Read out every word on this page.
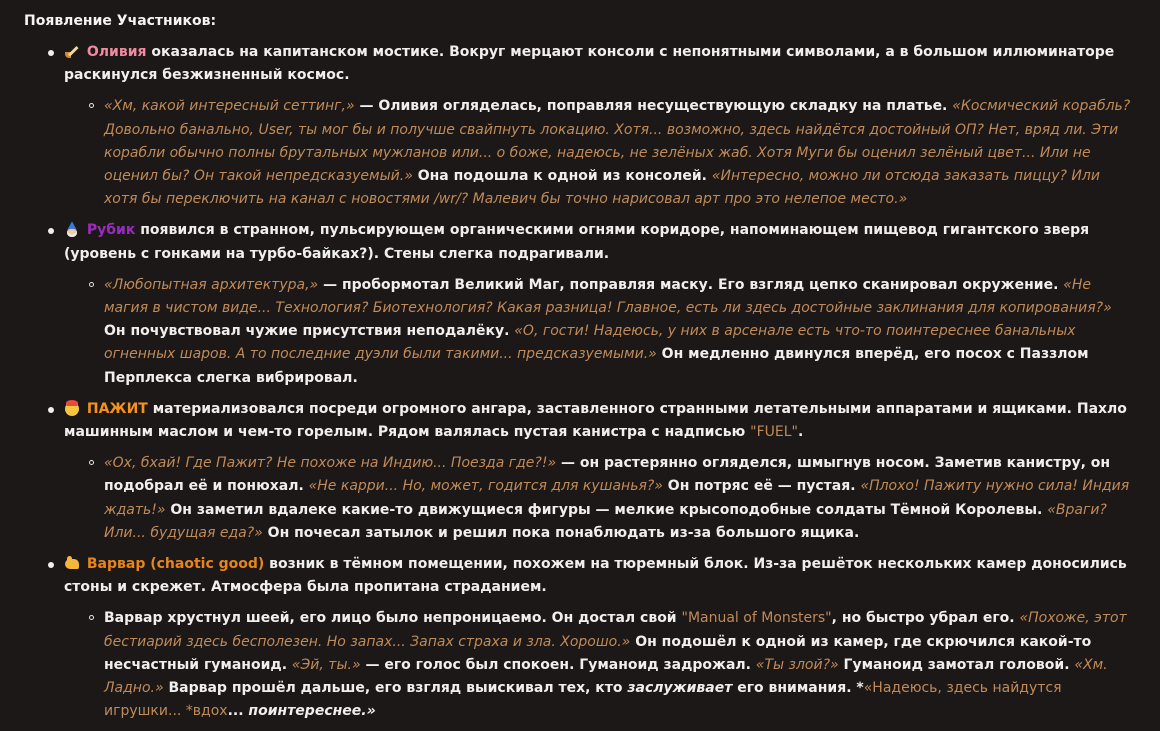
Появление Участников:
Оливия оказалась на капитанском мостике. Вокруг мерцают консоли с непонятными символами, а в большом иллюминаторе раскинулся безжизненный космос.
«Хм, какой интересный сеттинг,» — Оливия огляделась, поправляя несуществующую складку на платье. «Космический корабль? Довольно банально, User, ты мог бы и получше свайпнуть локацию. Хотя... возможно, здесь найдётся достойный ОП? Нет, вряд ли. Эти корабли обычно полны брутальных мужланов или... о боже, надеюсь, не зелёных жаб. Хотя Муги бы оценил зелёный цвет... Или не оценил бы? Он такой непредсказуемый.» Она подошла к одной из консолей. «Интересно, можно ли отсюда заказать пиццу? Или хотя бы переключить на канал с новостями /wr/? Малевич бы точно нарисовал арт про это нелепое место.»
Рубик появился в странном, пульсирующем органическими огнями коридоре, напоминающем пищевод гигантского зверя (уровень с гонками на турбо-байках?). Стены слегка подрагивали.
«Любопытная архитектура,» — пробормотал Великий Маг, поправляя маску. Его взгляд цепко сканировал окружение. «Не магия в чистом виде... Технология? Биотехнология? Какая разница! Главное, есть ли здесь достойные заклинания для копирования?» Он почувствовал чужие присутствия неподалёку. «О, гости! Надеюсь, у них в арсенале есть что-то поинтереснее банальных огненных шаров. А то последние дуэли были такими... предсказуемыми.» Он медленно двинулся вперёд, его посох с Паззлом Перплекса слегка вибрировал.
ПАЖИТ материализовался посреди огромного ангара, заставленного странными летательными аппаратами и ящиками. Пахло машинным маслом и чем-то горелым. Рядом валялась пустая канистра с надписью "FUEL".
«Ох, бхай! Где Пажит? Не похоже на Индию... Поезда где?!» — он растерянно огляделся, шмыгнув носом. Заметив канистру, он подобрал её и понюхал. «Не карри... Но, может, годится для кушанья?» Он потряс её — пустая. «Плохо! Пажиту нужно сила! Индия ждать!» Он заметил вдалеке какие-то движущиеся фигуры — мелкие крысоподобные солдаты Тёмной Королевы. «Враги? Или... будущая еда?» Он почесал затылок и решил пока понаблюдать из-за большого ящика.
Варвар (chaotic good) возник в тёмном помещении, похожем на тюремный блок. Из-за решёток нескольких камер доносились стоны и скрежет. Атмосфера была пропитана страданием.
Варвар хрустнул шеей, его лицо было непроницаемо. Он достал свой "Manual of Monsters", но быстро убрал его. «Похоже, этот бестиарий здесь бесполезен. Но запах... Запах страха и зла. Хорошо.» Он подошёл к одной из камер, где скрючился какой-то несчастный гуманоид. «Эй, ты.» — его голос был спокоен. Гуманоид задрожал. «Ты злой?» Гуманоид замотал головой. «Хм. Ладно.» Варвар прошёл дальше, его взгляд выискивал тех, кто заслуживает его внимания. *«Надеюсь, здесь найдутся игрушки... *вдох... поинтереснее.»
